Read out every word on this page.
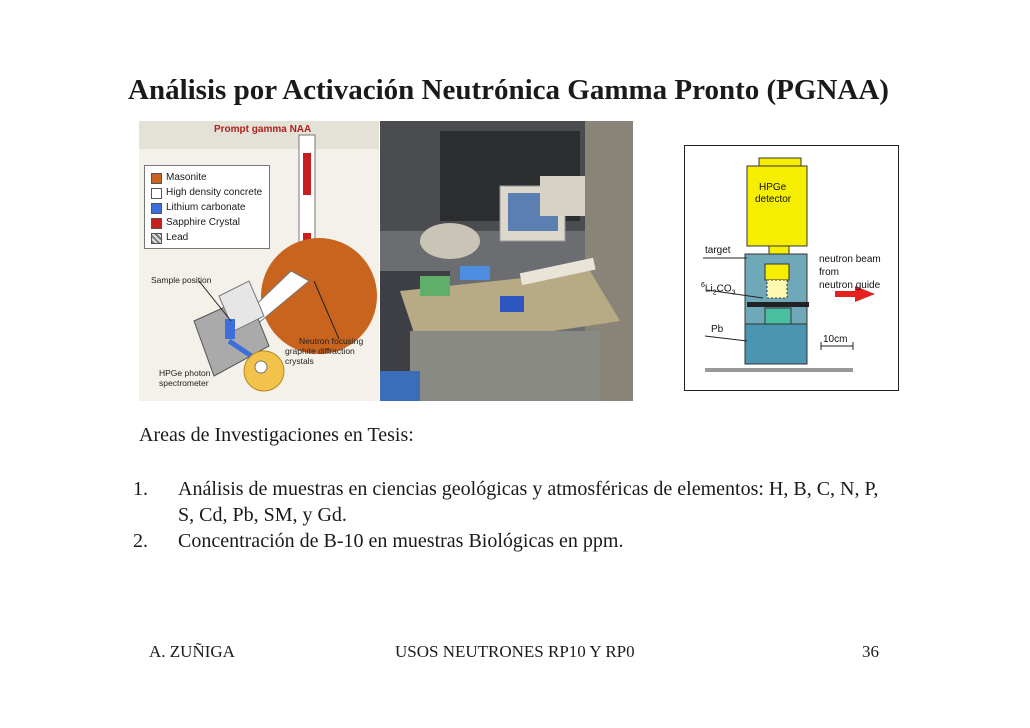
Análisis por Activación Neutrónica Gamma Pronto (PGNAA)
Prompt gamma NAA
Masonite
High density concrete
Lithium carbonate
Sapphire Crystal
Lead
Sample position
Neutron focusing
graphite diffraction crystals
HPGe photon
spectrometer
HPGe
detector
target
$^6Li_2CO_3$
Pb
neutron beam
from
neutron guide
10cm
Areas de Investigaciones en Tesis:
1. Análisis de muestras en ciencias geológicas y atmosféricas de elementos: H, B, C, N, P, S, Cd, Pb, SM, y Gd.
2. Concentración de B-10 en muestras Biológicas en ppm.
A. ZUÑIGA	USOS NEUTRONES RP10 Y RP0	36
